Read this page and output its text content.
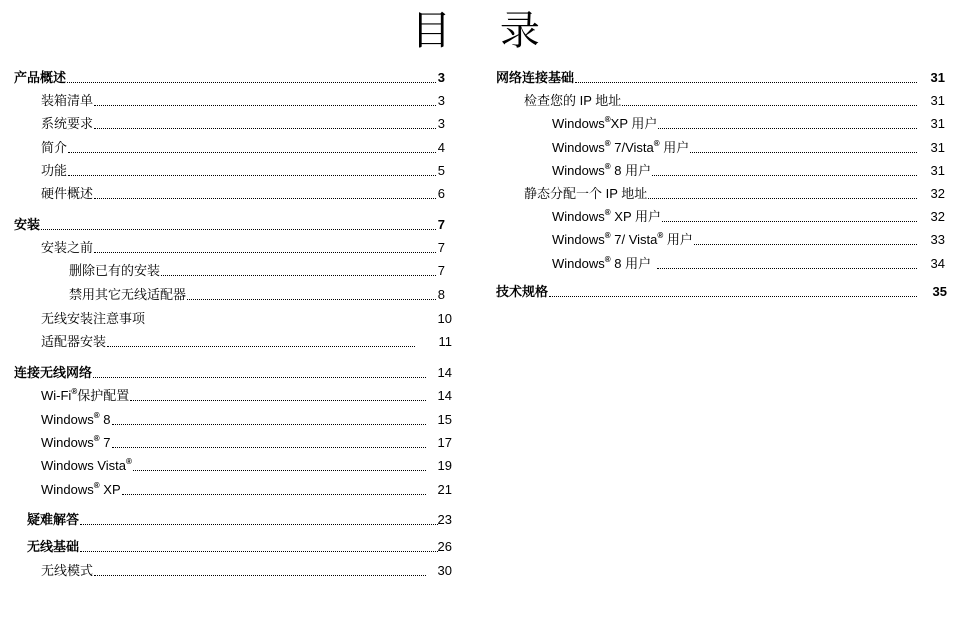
目 录
产品概述	3
装箱清单	3
系统要求	3
简介	4
功能	5
硬件概述	6
安装	7
安装之前	7
删除已有的安装	7
禁用其它无线适配器	8
无线安装注意事项	10
适配器安装	11
连接无线网络	14
Wi-Fi®保护配置	14
Windows® 8	15
Windows® 7	17
Windows Vista®	19
Windows® XP	21
疑难解答	23
无线基础	26
无线模式	30
网络连接基础	31
检查您的 IP 地址	31
Windows®XP 用户	31
Windows® 7/Vista® 用户	31
Windows® 8 用户	31
静态分配一个 IP 地址	32
Windows® XP 用户	32
Windows® 7/ Vista® 用户	33
Windows® 8 用户	34
技术规格	35
